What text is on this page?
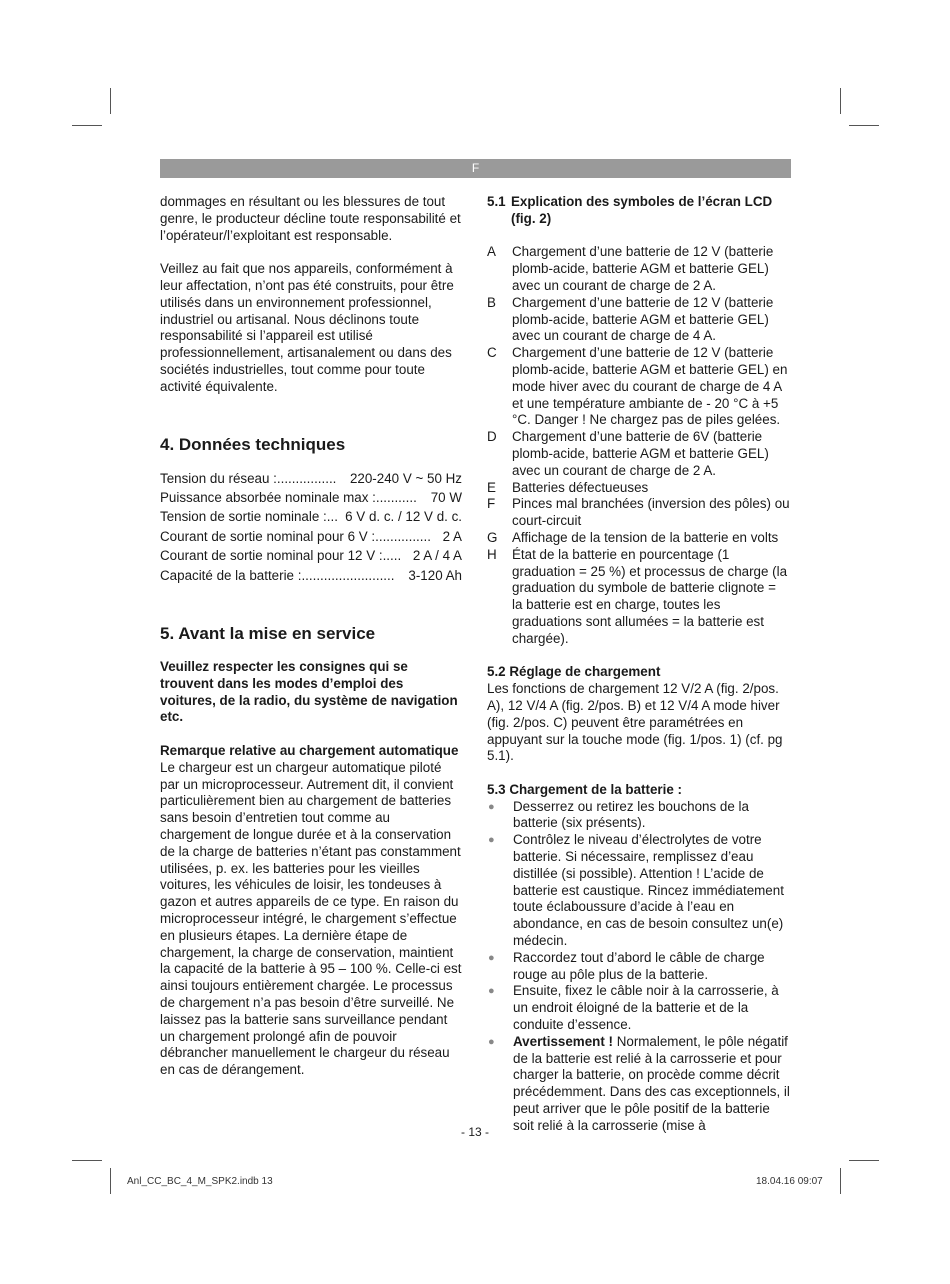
F

dommages en résultant ou les blessures de tout genre, le producteur décline toute responsabilité et l’opérateur/l’exploitant est responsable.

Veillez au fait que nos appareils, conformément à leur affectation, n’ont pas été construits, pour être utilisés dans un environnement professionnel, industriel ou artisanal. Nous déclinons toute responsabilité si l’appareil est utilisé professionnellement, artisanalement ou dans des sociétés industrielles, tout comme pour toute activité équivalente.

4. Données techniques
Tension du réseau : ................	220-240 V ~ 50 Hz
Puissance absorbée nominale max : ...........	70 W
Tension de sortie nominale : ... 6 V d. c. / 12 V d. c.
Courant de sortie nominal pour 6 V : ............... 2 A
Courant de sortie nominal pour 12 V : ..... 2 A / 4 A
Capacité de la batterie : .........................	3-120 Ah
5. Avant la mise en service

Veuillez respecter les consignes qui se trouvent dans les modes d’emploi des voitures, de la radio, du système de navigation etc.

Remarque relative au chargement automatique

Le chargeur est un chargeur automatique piloté par un microprocesseur. Autrement dit, il convient particulièrement bien au chargement de batteries sans besoin d’entretien tout comme au chargement de longue durée et à la conservation de la charge de batteries n’étant pas constamment utilisées, p. ex. les batteries pour les vieilles voitures, les véhicules de loisir, les tondeuses à gazon et autres appareils de ce type. En raison du microprocesseur intégré, le chargement s’effectue en plusieurs étapes. La dernière étape de chargement, la charge de conservation, maintient la capacité de la batterie à 95 – 100 %. Celle-ci est ainsi toujours entièrement chargée. Le processus de chargement n’a pas besoin d’être surveillé. Ne laissez pas la batterie sans surveillance pendant un chargement prolongé afin de pouvoir débrancher manuellement le chargeur du réseau en cas de dérangement.

5.1 Explication des symboles de l’écran LCD (fig. 2)
A	Chargement d’une batterie de 12 V (batterie plomb-acide, batterie AGM et batterie GEL) avec un courant de charge de 2 A.
B	Chargement d’une batterie de 12 V (batterie plomb-acide, batterie AGM et batterie GEL) avec un courant de charge de 4 A.
C	Chargement d’une batterie de 12 V (batterie plomb-acide, batterie AGM et batterie GEL) en mode hiver avec du courant de charge de 4 A et une température ambiante de - 20 °C à +5 °C. Danger ! Ne chargez pas de piles gelées.
D	Chargement d’une batterie de 6V (batterie plomb-acide, batterie AGM et batterie GEL) avec un courant de charge de 2 A.
E	Batteries défectueuses
F	Pinces mal branchées (inversion des pôles) ou court-circuit
G	Affichage de la tension de la batterie en volts
H	État de la batterie en pourcentage (1 graduation = 25 %) et processus de charge (la graduation du symbole de batterie clignote = la batterie est en charge, toutes les graduations sont allumées = la batterie est chargée).

5.2 Réglage de chargement

Les fonctions de chargement 12 V/2 A (fig. 2/pos. A), 12 V/4 A (fig. 2/pos. B) et 12 V/4 A mode hiver (fig. 2/pos. C) peuvent être paramétrées en appuyant sur la touche mode (fig. 1/pos. 1) (cf. pg 5.1).

5.3 Chargement de la batterie :

●	Desserrez ou retirez les bouchons de la batterie (six présents).
●	Contrôlez le niveau d’électrolytes de votre batterie. Si nécessaire, remplissez d’eau distillée (si possible). Attention ! L’acide de batterie est caustique. Rincez immédiatement toute éclaboussure d’acide à l’eau en abondance, en cas de besoin consultez un(e) médecin.
●	Raccordez tout d’abord le câble de charge rouge au pôle plus de la batterie.
●	Ensuite, fixez le câble noir à la carrosserie, à un endroit éloigné de la batterie et de la conduite d’essence.
●	Avertissement ! Normalement, le pôle négatif de la batterie est relié à la carrosserie et pour charger la batterie, on procède comme décrit précédemment. Dans des cas exceptionnels, il peut arriver que le pôle positif de la batterie soit relié à la carrosserie (mise à
- 13 -
Anl_CC_BC_4_M_SPK2.indb 13	18.04.16 09:07
